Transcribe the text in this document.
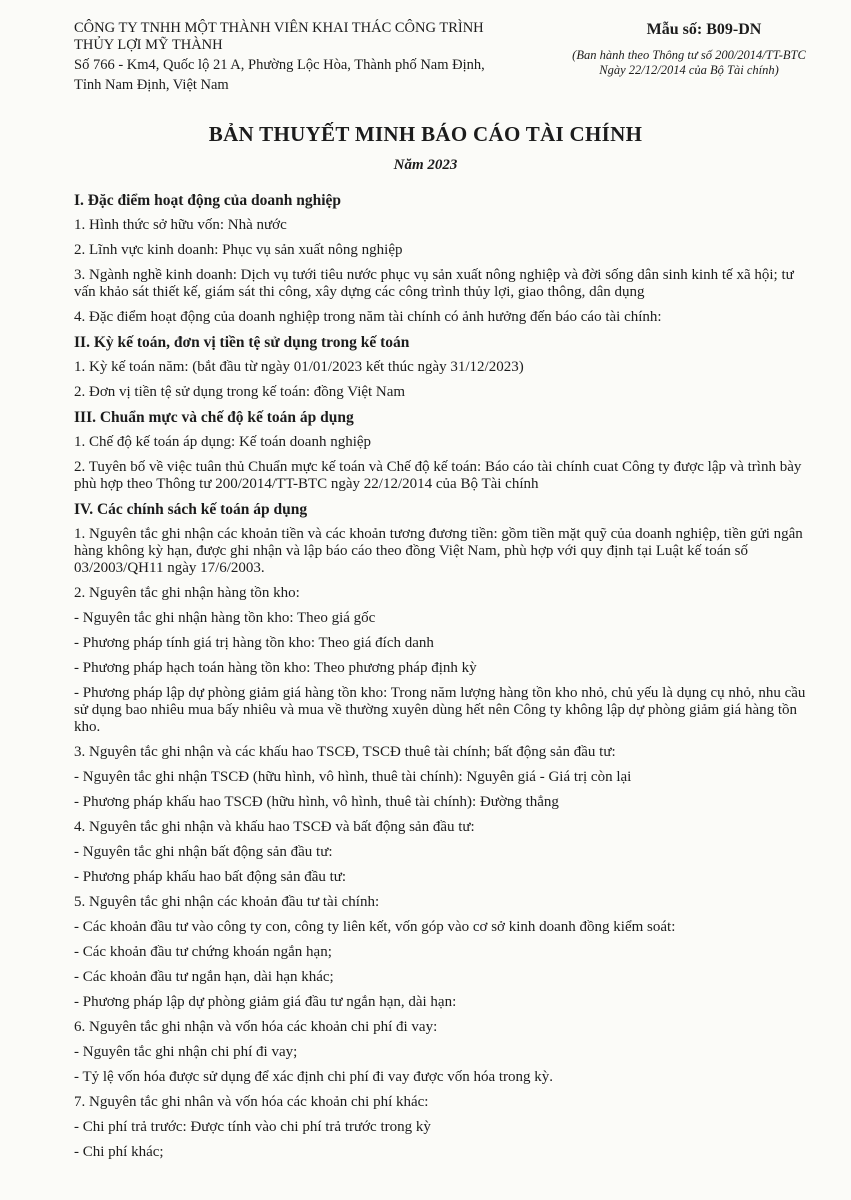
CÔNG TY TNHH MỘT THÀNH VIÊN KHAI THÁC CÔNG TRÌNH
THỦY LỢI MỸ THÀNH
Số 766 - Km4, Quốc lộ 21 A, Phường Lộc Hòa, Thành phố Nam Định,
Tỉnh Nam Định, Việt Nam
Mẫu số: B09-DN
(Ban hành theo Thông tư số 200/2014/TT-BTC
Ngày 22/12/2014 của Bộ Tài chính)
BẢN THUYẾT MINH BÁO CÁO TÀI CHÍNH
Năm 2023
I. Đặc điểm hoạt động của doanh nghiệp
1. Hình thức sở hữu vốn: Nhà nước
2. Lĩnh vực kinh doanh: Phục vụ sản xuất nông nghiệp
3. Ngành nghề kinh doanh: Dịch vụ tưới tiêu nước phục vụ sản xuất nông nghiệp và đời sống dân sinh kinh tế xã hội; tư vấn khảo sát thiết kế, giám sát thi công, xây dựng các công trình thủy lợi, giao thông, dân dụng
4. Đặc điểm hoạt động của doanh nghiệp trong năm tài chính có ảnh hưởng đến báo cáo tài chính:
II. Kỳ kế toán, đơn vị tiền tệ sử dụng trong kế toán
1. Kỳ kế toán năm: (bắt đầu từ ngày 01/01/2023 kết thúc ngày 31/12/2023)
2. Đơn vị tiền tệ sử dụng trong kế toán: đồng Việt Nam
III. Chuẩn mực và chế độ kế toán áp dụng
1. Chế độ kế toán áp dụng: Kế toán doanh nghiệp
2. Tuyên bố về việc tuân thủ Chuẩn mực kế toán và Chế độ kế toán: Báo cáo tài chính cuat Công ty được lập và trình bày phù hợp theo Thông tư 200/2014/TT-BTC ngày 22/12/2014 của Bộ Tài chính
IV. Các chính sách kế toán áp dụng
1. Nguyên tắc ghi nhận các khoản tiền và các khoản tương đương tiền: gồm tiền mặt quỹ của doanh nghiệp, tiền gửi ngân hàng không kỳ hạn, được ghi nhận và lập báo cáo theo đồng Việt Nam, phù hợp với quy định tại Luật kế toán số 03/2003/QH11 ngày 17/6/2003.
2. Nguyên tắc ghi nhận hàng tồn kho:
- Nguyên tắc ghi nhận hàng tồn kho: Theo giá gốc
- Phương pháp tính giá trị hàng tồn kho: Theo giá đích danh
- Phương pháp hạch toán hàng tồn kho: Theo phương pháp định kỳ
- Phương pháp lập dự phòng giảm giá hàng tồn kho: Trong năm lượng hàng tồn kho nhỏ, chủ yếu là dụng cụ nhỏ, nhu cầu sử dụng bao nhiêu mua bấy nhiêu và mua về thường xuyên dùng hết nên Công ty không lập dự phòng giảm giá hàng tồn kho.
3. Nguyên tắc ghi nhận và các khấu hao TSCĐ, TSCĐ thuê tài chính; bất động sản đầu tư:
- Nguyên tắc ghi nhận TSCĐ (hữu hình, vô hình, thuê tài chính): Nguyên giá - Giá trị còn lại
- Phương pháp khấu hao TSCĐ (hữu hình, vô hình, thuê tài chính): Đường thẳng
4. Nguyên tắc ghi nhận và khấu hao TSCĐ và bất động sản đầu tư:
- Nguyên tắc ghi nhận bất động sản đầu tư:
- Phương pháp khấu hao bất động sản đầu tư:
5. Nguyên tắc ghi nhận các khoản đầu tư tài chính:
- Các khoản đầu tư vào công ty con, công ty liên kết, vốn góp vào cơ sở kinh doanh đồng kiểm soát:
- Các khoản đầu tư chứng khoán ngắn hạn;
- Các khoản đầu tư ngắn hạn, dài hạn khác;
- Phương pháp lập dự phòng giảm giá đầu tư ngắn hạn, dài hạn:
6. Nguyên tắc ghi nhận và vốn hóa các khoản chi phí đi vay:
- Nguyên tắc ghi nhận chi phí đi vay;
- Tỷ lệ vốn hóa được sử dụng để xác định chi phí đi vay được vốn hóa trong kỳ.
7. Nguyên tắc ghi nhân và vốn hóa các khoản chi phí khác:
- Chi phí trả trước: Được tính vào chi phí trả trước trong kỳ
- Chi phí khác;
